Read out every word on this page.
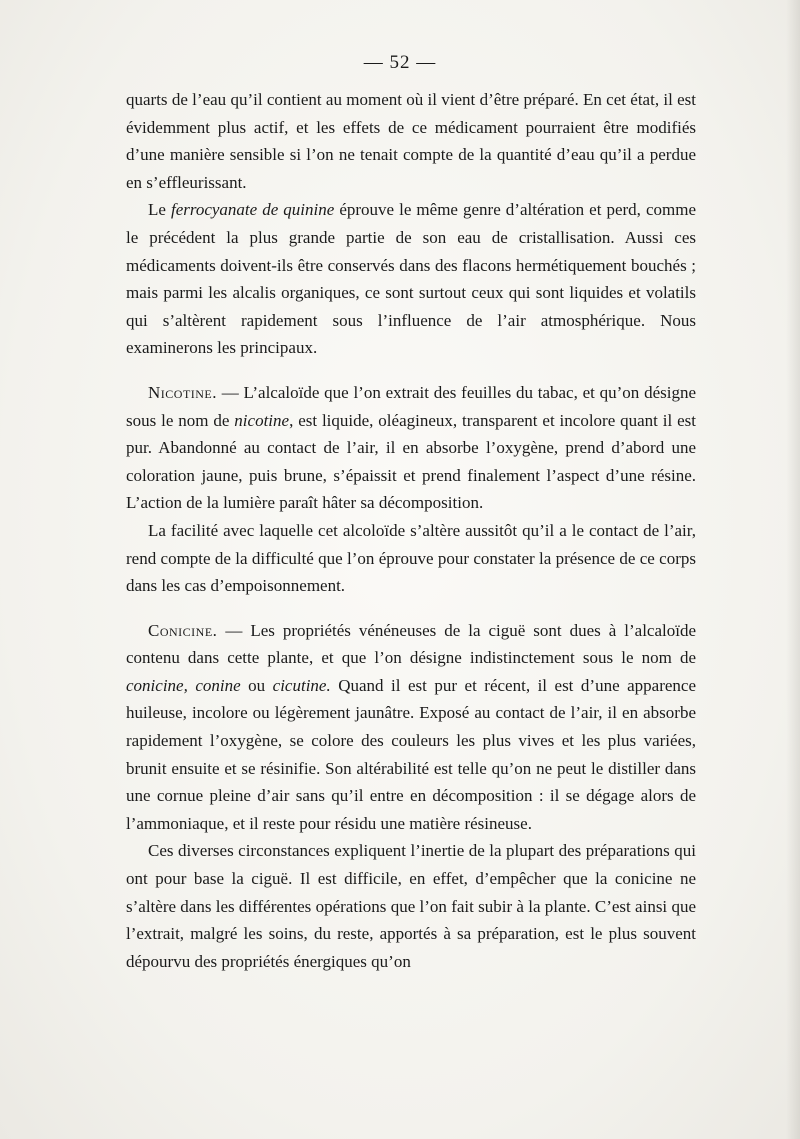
— 52 —

quarts de l’eau qu’il contient au moment où il vient d’être préparé. En cet état, il est évidemment plus actif, et les effets de ce médicament pourraient être modifiés d’une manière sensible si l’on ne tenait compte de la quantité d’eau qu’il a perdue en s’effleurissant.

Le ferrocyanate de quinine éprouve le même genre d’altération et perd, comme le précédent la plus grande partie de son eau de cristallisation. Aussi ces médicaments doivent-ils être conservés dans des flacons hermétiquement bouchés ; mais parmi les alcalis organiques, ce sont surtout ceux qui sont liquides et volatils qui s’altèrent rapidement sous l’influence de l’air atmosphérique. Nous examinerons les principaux.

Nicotine. — L’alcaloïde que l’on extrait des feuilles du tabac, et qu’on désigne sous le nom de nicotine, est liquide, oléagineux, transparent et incolore quant il est pur. Abandonné au contact de l’air, il en absorbe l’oxygène, prend d’abord une coloration jaune, puis brune, s’épaissit et prend finalement l’aspect d’une résine. L’action de la lumière paraît hâter sa décomposition.

La facilité avec laquelle cet alcoloïde s’altère aussitôt qu’il a le contact de l’air, rend compte de la difficulté que l’on éprouve pour constater la présence de ce corps dans les cas d’empoisonnement.

Conicine. — Les propriétés vénéneuses de la ciguë sont dues à l’alcaloïde contenu dans cette plante, et que l’on désigne indistinctement sous le nom de conicine, conine ou cicutine. Quand il est pur et récent, il est d’une apparence huileuse, incolore ou légèrement jaunâtre. Exposé au contact de l’air, il en absorbe rapidement l’oxygène, se colore des couleurs les plus vives et les plus variées, brunit ensuite et se résinifie. Son altérabilité est telle qu’on ne peut le distiller dans une cornue pleine d’air sans qu’il entre en décomposition : il se dégage alors de l’ammoniaque, et il reste pour résidu une matière résineuse.

Ces diverses circonstances expliquent l’inertie de la plupart des préparations qui ont pour base la ciguë. Il est difficile, en effet, d’empêcher que la conicine ne s’altère dans les différentes opérations que l’on fait subir à la plante. C’est ainsi que l’extrait, malgré les soins, du reste, apportés à sa préparation, est le plus souvent dépourvu des propriétés énergiques qu’on
